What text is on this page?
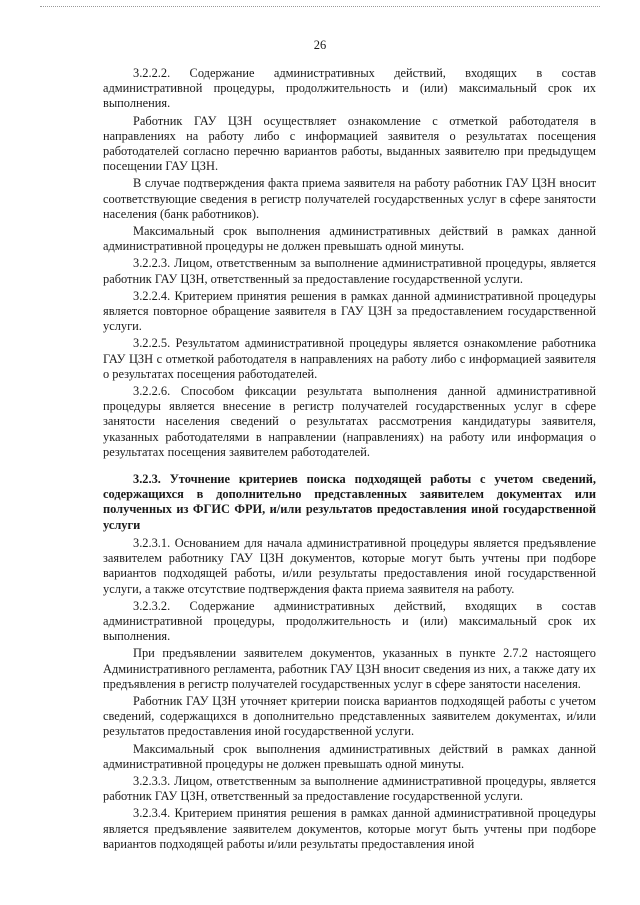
26

3.2.2.2. Содержание административных действий, входящих в состав административной процедуры, продолжительность и (или) максимальный срок их выполнения.

Работник ГАУ ЦЗН осуществляет ознакомление с отметкой работодателя в направлениях на работу либо с информацией заявителя о результатах посещения работодателей согласно перечню вариантов работы, выданных заявителю при предыдущем посещении ГАУ ЦЗН.

В случае подтверждения факта приема заявителя на работу работник ГАУ ЦЗН вносит соответствующие сведения в регистр получателей государственных услуг в сфере занятости населения (банк работников).

Максимальный срок выполнения административных действий в рамках данной административной процедуры не должен превышать одной минуты.

3.2.2.3. Лицом, ответственным за выполнение административной процедуры, является работник ГАУ ЦЗН, ответственный за предоставление государственной услуги.

3.2.2.4. Критерием принятия решения в рамках данной административной процедуры является повторное обращение заявителя в ГАУ ЦЗН за предоставлением государственной услуги.

3.2.2.5. Результатом административной процедуры является ознакомление работника ГАУ ЦЗН с отметкой работодателя в направлениях на работу либо с информацией заявителя о результатах посещения работодателей.

3.2.2.6. Способом фиксации результата выполнения данной административной процедуры является внесение в регистр получателей государственных услуг в сфере занятости населения сведений о результатах рассмотрения кандидатуры заявителя, указанных работодателями в направлении (направлениях) на работу или информация о результатах посещения заявителем работодателей.

3.2.3. Уточнение критериев поиска подходящей работы с учетом сведений, содержащихся в дополнительно представленных заявителем документах или полученных из ФГИС ФРИ, и/или результатов предоставления иной государственной услуги

3.2.3.1. Основанием для начала административной процедуры является предъявление заявителем работнику ГАУ ЦЗН документов, которые могут быть учтены при подборе вариантов подходящей работы, и/или результаты предоставления иной государственной услуги, а также отсутствие подтверждения факта приема заявителя на работу.

3.2.3.2. Содержание административных действий, входящих в состав административной процедуры, продолжительность и (или) максимальный срок их выполнения.

При предъявлении заявителем документов, указанных в пункте 2.7.2 настоящего Административного регламента, работник ГАУ ЦЗН вносит сведения из них, а также дату их предъявления в регистр получателей государственных услуг в сфере занятости населения.

Работник ГАУ ЦЗН уточняет критерии поиска вариантов подходящей работы с учетом сведений, содержащихся в дополнительно представленных заявителем документах, и/или результатов предоставления иной государственной услуги.

Максимальный срок выполнения административных действий в рамках данной административной процедуры не должен превышать одной минуты.

3.2.3.3. Лицом, ответственным за выполнение административной процедуры, является работник ГАУ ЦЗН, ответственный за предоставление государственной услуги.

3.2.3.4. Критерием принятия решения в рамках данной административной процедуры является предъявление заявителем документов, которые могут быть учтены при подборе вариантов подходящей работы и/или результаты предоставления иной
